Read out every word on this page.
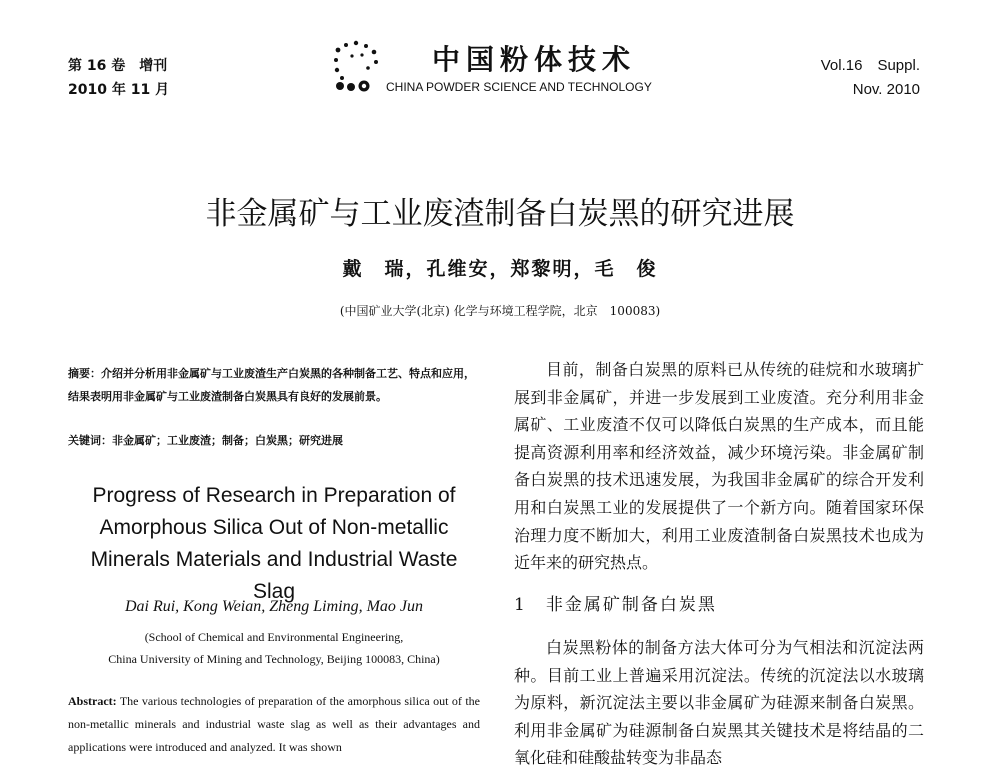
第 16 卷　增刊
2010 年 11 月
中国粉体技术
CHINA POWDER SCIENCE AND TECHNOLOGY
Vol.16　Suppl.
Nov. 2010
非金属矿与工业废渣制备白炭黑的研究进展
戴　瑞，孔维安，郑黎明，毛　俊
(中国矿业大学(北京) 化学与环境工程学院，北京　100083)
摘要：介绍并分析用非金属矿与工业废渣生产白炭黑的各种制备工艺、特点和应用，结果表明用非金属矿与工业废渣制备白炭黑具有良好的发展前景。
关键词：非金属矿；工业废渣；制备；白炭黑；研究进展
Progress of Research in Preparation of Amorphous Silica Out of Non-metallic Minerals Materials and Industrial Waste Slag
Dai Rui, Kong Weian, Zheng Liming, Mao Jun
(School of Chemical and Environmental Engineering,
China University of Mining and Technology, Beijing 100083, China)
Abstract: The various technologies of preparation of the amorphous silica out of the non-metallic minerals and industrial waste slag as well as their advantages and applications were introduced and analyzed. It was shown
目前，制备白炭黑的原料已从传统的硅烷和水玻璃扩展到非金属矿，并进一步发展到工业废渣。充分利用非金属矿、工业废渣不仅可以降低白炭黑的生产成本，而且能提高资源利用率和经济效益，减少环境污染。非金属矿制备白炭黑的技术迅速发展，为我国非金属矿的综合开发利用和白炭黑工业的发展提供了一个新方向。随着国家环保治理力度不断加大，利用工业废渣制备白炭黑技术也成为近年来的研究热点。
1　非金属矿制备白炭黑
白炭黑粉体的制备方法大体可分为气相法和沉淀法两种。目前工业上普遍采用沉淀法。传统的沉淀法以水玻璃为原料，新沉淀法主要以非金属矿为硅源来制备白炭黑。利用非金属矿为硅源制备白炭黑其关键技术是将结晶的二氧化硅和硅酸盐转变为非晶态
